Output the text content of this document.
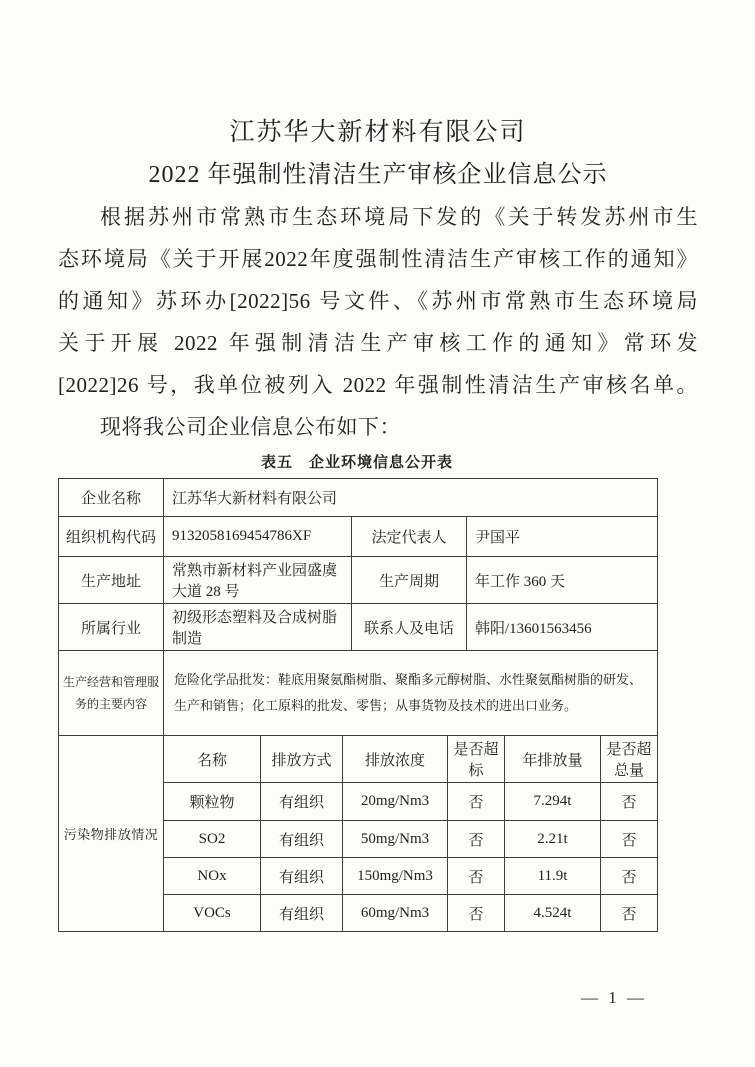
江苏华大新材料有限公司
2022 年强制性清洁生产审核企业信息公示
根据苏州市常熟市生态环境局下发的《关于转发苏州市生
态环境局《关于开展2022年度强制性清洁生产审核工作的通知》
的通知》苏环办[2022]56 号文件、《苏州市常熟市生态环境局
关于开展 2022 年强制清洁生产审核工作的通知》常环发
[2022]26 号，我单位被列入 2022 年强制性清洁生产审核名单。
现将我公司企业信息公布如下：
表五　企业环境信息公开表
企业名称	江苏华大新材料有限公司		
组织机构代码	9132058169454786XF	法定代表人	尹国平
生产地址	常熟市新材料产业园盛虞大道 28 号	生产周期	年工作 360 天
所属行业	初级形态塑料及合成树脂制造	联系人及电话	韩阳/13601563456
生产经营和管理服务的主要内容	危险化学品批发：鞋底用聚氨酯树脂、聚酯多元醇树脂、水性聚氨酯树脂的研发、生产和销售；化工原料的批发、零售；从事货物及技术的进出口业务。		
污染物排放情况	名称	排放方式	排放浓度	是否超标	年排放量	是否超总量
	颗粒物	有组织	20mg/Nm3	否	7.294t	否
	SO2	有组织	50mg/Nm3	否	2.21t	否
	NOx	有组织	150mg/Nm3	否	11.9t	否
	VOCs	有组织	60mg/Nm3	否	4.524t	否
— 1 —
